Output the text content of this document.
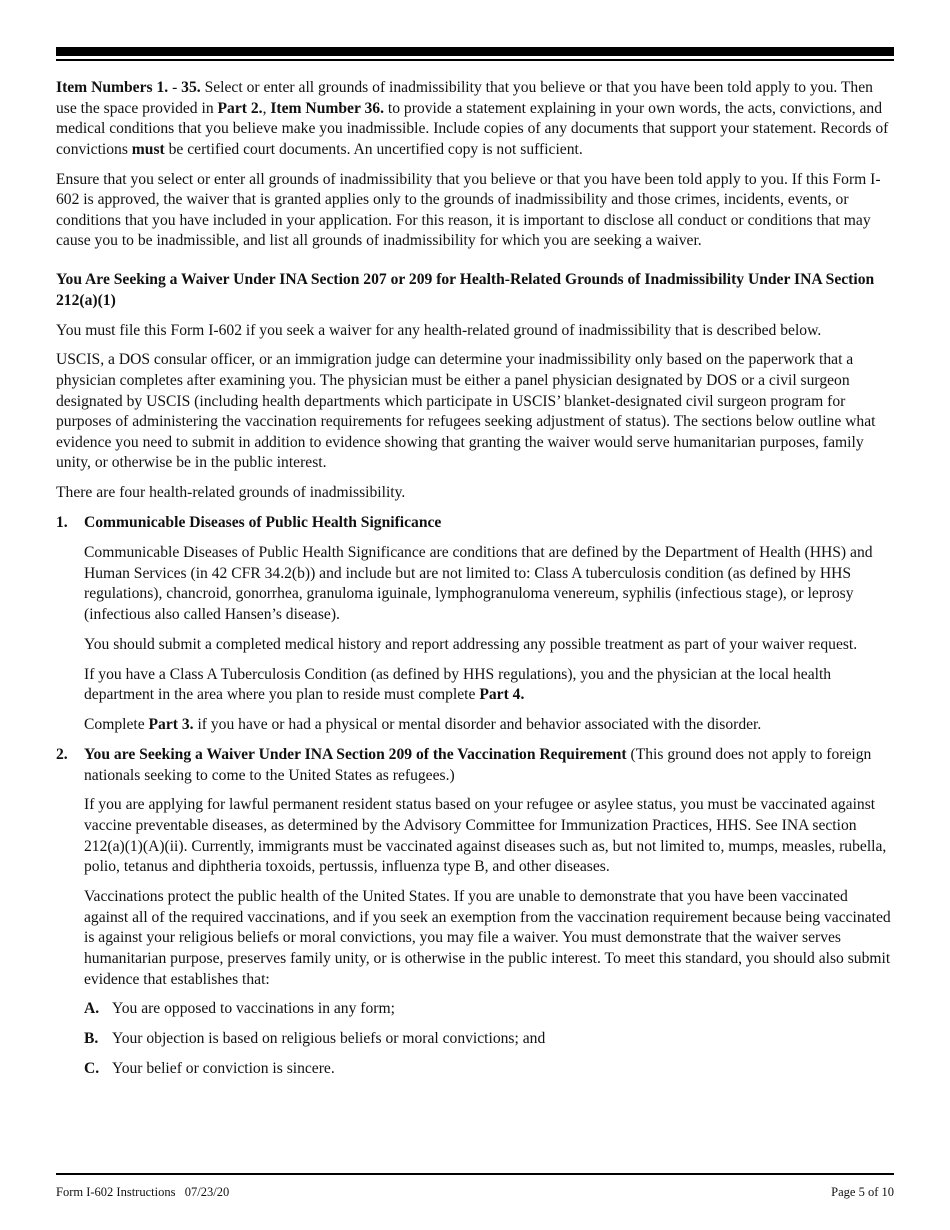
Item Numbers 1. - 35. Select or enter all grounds of inadmissibility that you believe or that you have been told apply to you. Then use the space provided in Part 2., Item Number 36. to provide a statement explaining in your own words, the acts, convictions, and medical conditions that you believe make you inadmissible. Include copies of any documents that support your statement. Records of convictions must be certified court documents. An uncertified copy is not sufficient.

Ensure that you select or enter all grounds of inadmissibility that you believe or that you have been told apply to you. If this Form I-602 is approved, the waiver that is granted applies only to the grounds of inadmissibility and those crimes, incidents, events, or conditions that you have included in your application. For this reason, it is important to disclose all conduct or conditions that may cause you to be inadmissible, and list all grounds of inadmissibility for which you are seeking a waiver.

You Are Seeking a Waiver Under INA Section 207 or 209 for Health-Related Grounds of Inadmissibility Under INA Section 212(a)(1)

You must file this Form I-602 if you seek a waiver for any health-related ground of inadmissibility that is described below.

USCIS, a DOS consular officer, or an immigration judge can determine your inadmissibility only based on the paperwork that a physician completes after examining you. The physician must be either a panel physician designated by DOS or a civil surgeon designated by USCIS (including health departments which participate in USCIS’ blanket-designated civil surgeon program for purposes of administering the vaccination requirements for refugees seeking adjustment of status). The sections below outline what evidence you need to submit in addition to evidence showing that granting the waiver would serve humanitarian purposes, family unity, or otherwise be in the public interest.

There are four health-related grounds of inadmissibility.

1. Communicable Diseases of Public Health Significance

Communicable Diseases of Public Health Significance are conditions that are defined by the Department of Health (HHS) and Human Services (in 42 CFR 34.2(b)) and include but are not limited to: Class A tuberculosis condition (as defined by HHS regulations), chancroid, gonorrhea, granuloma iguinale, lymphogranuloma venereum, syphilis (infectious stage), or leprosy (infectious also called Hansen’s disease).

You should submit a completed medical history and report addressing any possible treatment as part of your waiver request.

If you have a Class A Tuberculosis Condition (as defined by HHS regulations), you and the physician at the local health department in the area where you plan to reside must complete Part 4.

Complete Part 3. if you have or had a physical or mental disorder and behavior associated with the disorder.

2. You are Seeking a Waiver Under INA Section 209 of the Vaccination Requirement (This ground does not apply to foreign nationals seeking to come to the United States as refugees.)

If you are applying for lawful permanent resident status based on your refugee or asylee status, you must be vaccinated against vaccine preventable diseases, as determined by the Advisory Committee for Immunization Practices, HHS. See INA section 212(a)(1)(A)(ii). Currently, immigrants must be vaccinated against diseases such as, but not limited to, mumps, measles, rubella, polio, tetanus and diphtheria toxoids, pertussis, influenza type B, and other diseases.

Vaccinations protect the public health of the United States. If you are unable to demonstrate that you have been vaccinated against all of the required vaccinations, and if you seek an exemption from the vaccination requirement because being vaccinated is against your religious beliefs or moral convictions, you may file a waiver. You must demonstrate that the waiver serves humanitarian purpose, preserves family unity, or is otherwise in the public interest. To meet this standard, you should also submit evidence that establishes that:

A. You are opposed to vaccinations in any form;
B. Your objection is based on religious beliefs or moral convictions; and
C. Your belief or conviction is sincere.
Form I-602 Instructions   07/23/20	Page 5 of 10
